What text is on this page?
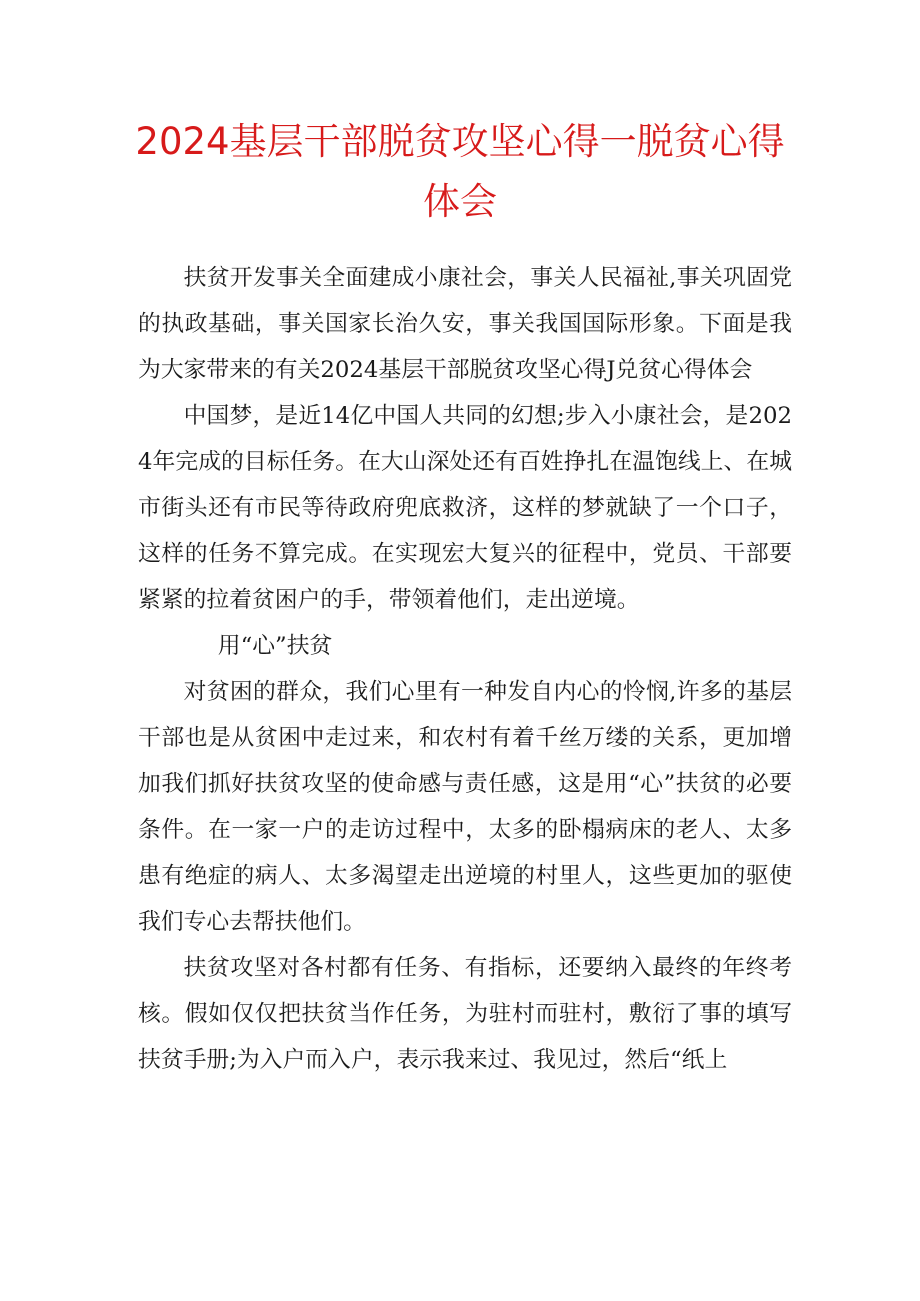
2024基层干部脱贫攻坚心得一脱贫心得体会

扶贫开发事关全面建成小康社会，事关人民福祉,事关巩固党的执政基础，事关国家长治久安，事关我国国际形象。下面是我为大家带来的有关2024基层干部脱贫攻坚心得J兑贫心得体会

中国梦，是近14亿中国人共同的幻想;步入小康社会，是2024年完成的目标任务。在大山深处还有百姓挣扎在温饱线上、在城市街头还有市民等待政府兜底救济，这样的梦就缺了一个口子，这样的任务不算完成。在实现宏大复兴的征程中，党员、干部要紧紧的拉着贫困户的手，带领着他们，走出逆境。

用“心”扶贫

对贫困的群众，我们心里有一种发自内心的怜悯,许多的基层干部也是从贫困中走过来，和农村有着千丝万缕的关系，更加增加我们抓好扶贫攻坚的使命感与责任感，这是用“心”扶贫的必要条件。在一家一户的走访过程中，太多的卧榻病床的老人、太多患有绝症的病人、太多渴望走出逆境的村里人，这些更加的驱使我们专心去帮扶他们。

扶贫攻坚对各村都有任务、有指标，还要纳入最终的年终考核。假如仅仅把扶贫当作任务，为驻村而驻村，敷衍了事的填写扶贫手册;为入户而入户，表示我来过、我见过，然后“纸上
